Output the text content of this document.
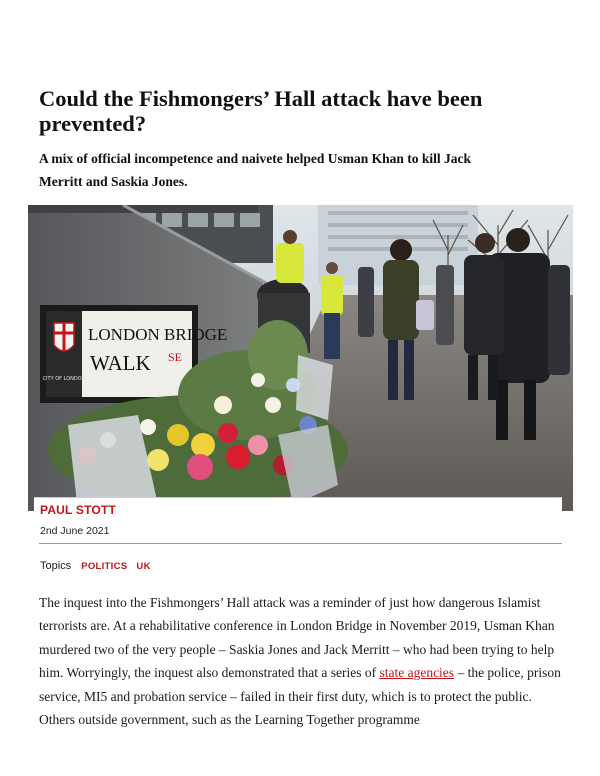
Could the Fishmongers’ Hall attack have been prevented?

A mix of official incompetence and naivete helped Usman Khan to kill Jack Merritt and Saskia Jones.

CITY OF LONDON
LONDON BRIDGE
WALK SE

PAUL STOTT

2nd June 2021
Topics POLITICS UK

The inquest into the Fishmongers’ Hall attack was a reminder of just how dangerous Islamist terrorists are. At a rehabilitative conference in London Bridge in November 2019, Usman Khan murdered two of the very people – Saskia Jones and Jack Merritt – who had been trying to help him. Worryingly, the inquest also demonstrated that a series of state agencies – the police, prison service, MI5 and probation service – failed in their first duty, which is to protect the public. Others outside government, such as the Learning Together programme
